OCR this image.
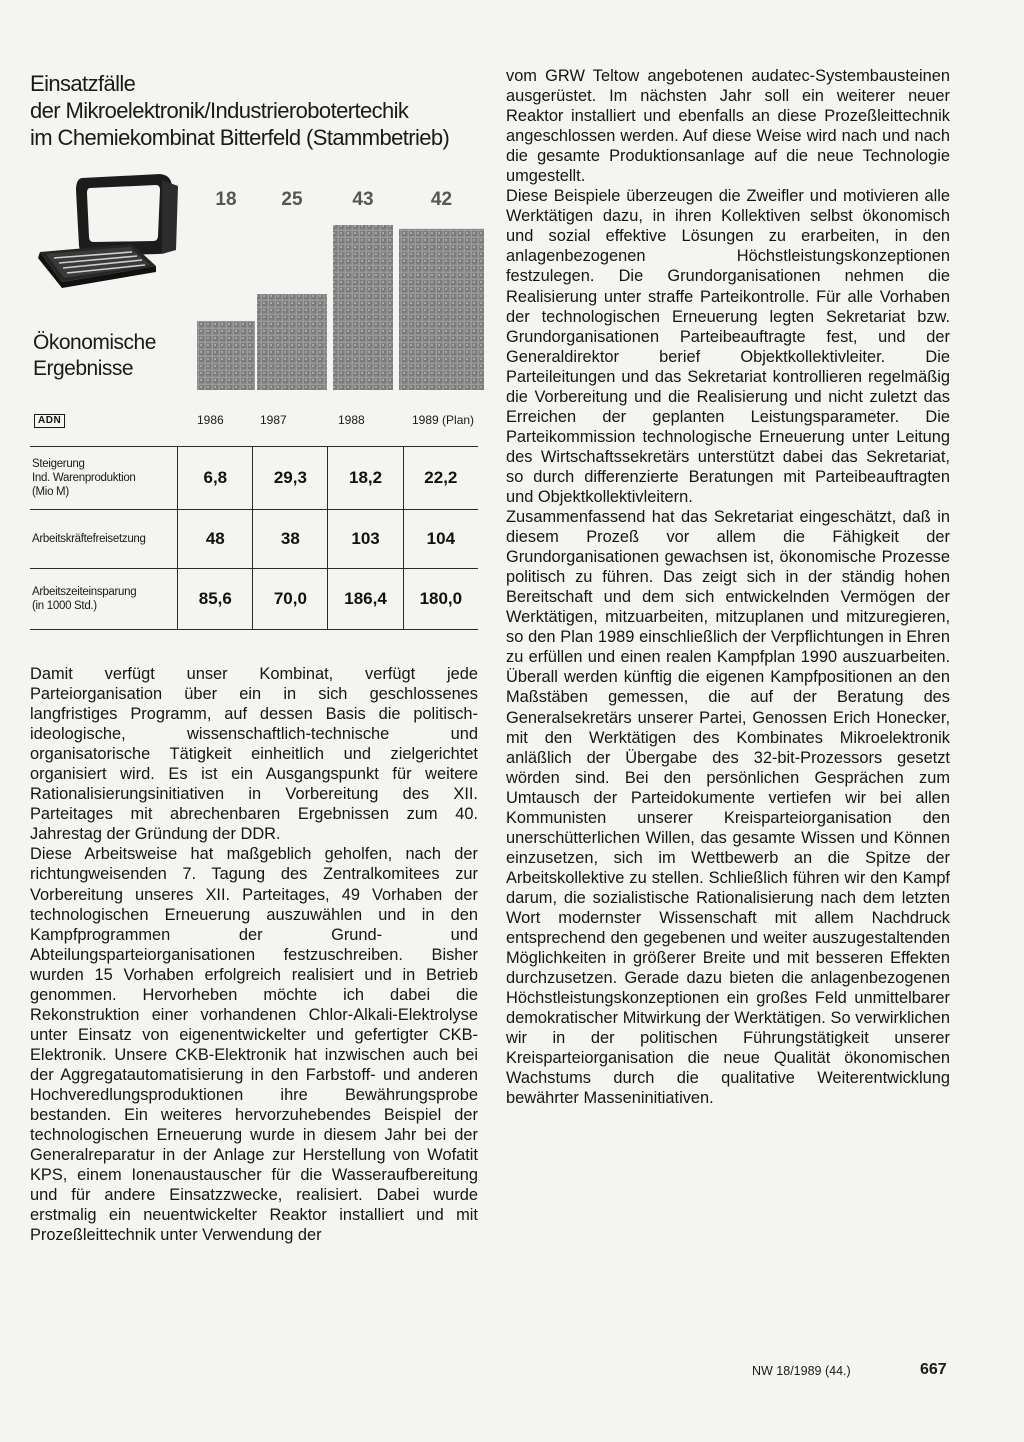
Einsatzfälle
der Mikroelektronik/Industrierobotertechik
im Chemiekombinat Bitterfeld (Stammbetrieb)
Ökonomische
Ergebnisse
18 25	43	42
ADN	1986	1987	1988	1989 (Plan)
Steigerung
Ind. Warenproduktion
(Mio M)	6,8	29,3	18,2	22,2

Arbeitskräftefreisetzung	48	38	103	104

Arbeitszeiteinsparung
(in 1000 Std.)	85,6	70,0	186,4	180,0

Damit verfügt unser Kombinat, verfügt jede Parteiorganisation über ein in sich geschlossenes langfristiges Programm, auf dessen Basis die politisch-ideologische, wissenschaftlich-technische und organisatorische Tätigkeit einheitlich und zielgerichtet organisiert wird. Es ist ein Ausgangspunkt für weitere Rationalisierungsinitiativen in Vorbereitung des XII. Parteitages mit abrechenbaren Ergebnissen zum 40. Jahrestag der Gründung der DDR.

Diese Arbeitsweise hat maßgeblich geholfen, nach der richtungweisenden 7. Tagung des Zentralkomitees zur Vorbereitung unseres XII. Parteitages, 49 Vorhaben der technologischen Erneuerung auszuwählen und in den Kampfprogrammen der Grund- und Abteilungsparteiorganisationen festzuschreiben. Bisher wurden 15 Vorhaben erfolgreich realisiert und in Betrieb genommen. Hervorheben möchte ich dabei die Rekonstruktion einer vorhandenen Chlor-Alkali-Elektrolyse unter Einsatz von eigenentwickelter und gefertigter CKB-Elektronik. Unsere CKB-Elektronik hat inzwischen auch bei der Aggregatautomatisierung in den Farbstoff- und anderen Hochveredlungsproduktionen ihre Bewährungsprobe bestanden. Ein weiteres hervorzuhebendes Beispiel der technologischen Erneuerung wurde in diesem Jahr bei der Generalreparatur in der Anlage zur Herstellung von Wofatit KPS, einem Ionenaustauscher für die Wasseraufbereitung und für andere Einsatzzwecke, realisiert. Dabei wurde erstmalig ein neuentwickelter Reaktor installiert und mit Prozeßleittechnik unter Verwendung der

vom GRW Teltow angebotenen audatec-Systembausteinen ausgerüstet. Im nächsten Jahr soll ein weiterer neuer Reaktor installiert und ebenfalls an diese Prozeßleittechnik angeschlossen werden. Auf diese Weise wird nach und nach die gesamte Produktionsanlage auf die neue Technologie umgestellt.

Diese Beispiele überzeugen die Zweifler und motivieren alle Werktätigen dazu, in ihren Kollektiven selbst ökonomisch und sozial effektive Lösungen zu erarbeiten, in den anlagenbezogenen Höchstleistungskonzeptionen festzulegen. Die Grundorganisationen nehmen die Realisierung unter straffe Parteikontrolle. Für alle Vorhaben der technologischen Erneuerung legten Sekretariat bzw. Grundorganisationen Parteibeauftragte fest, und der Generaldirektor berief Objektkollektivleiter. Die Parteileitungen und das Sekretariat kontrollieren regelmäßig die Vorbereitung und die Realisierung und nicht zuletzt das Erreichen der geplanten Leistungsparameter. Die Parteikommission technologische Erneuerung unter Leitung des Wirtschaftssekretärs unterstützt dabei das Sekretariat, so durch differenzierte Beratungen mit Parteibeauftragten und Objektkollektivleitern.

Zusammenfassend hat das Sekretariat eingeschätzt, daß in diesem Prozeß vor allem die Fähigkeit der Grundorganisationen gewachsen ist, ökonomische Prozesse politisch zu führen. Das zeigt sich in der ständig hohen Bereitschaft und dem sich entwickelnden Vermögen der Werktätigen, mitzuarbeiten, mitzuplanen und mitzuregieren, so den Plan 1989 einschließlich der Verpflichtungen in Ehren zu erfüllen und einen realen Kampfplan 1990 auszuarbeiten. Überall werden künftig die eigenen Kampfpositionen an den Maßstäben gemessen, die auf der Beratung des Generalsekretärs unserer Partei, Genossen Erich Honecker, mit den Werktätigen des Kombinates Mikroelektronik anläßlich der Übergabe des 32-bit-Prozessors gesetzt wörden sind. Bei den persönlichen Gesprächen zum Umtausch der Parteidokumente vertiefen wir bei allen Kommunisten unserer Kreisparteiorganisation den unerschütterlichen Willen, das gesamte Wissen und Können einzusetzen, sich im Wettbewerb an die Spitze der Arbeitskollektive zu stellen. Schließlich führen wir den Kampf darum, die sozialistische Rationalisierung nach dem letzten Wort modernster Wissenschaft mit allem Nachdruck entsprechend den gegebenen und weiter auszugestaltenden Möglichkeiten in größerer Breite und mit besseren Effekten durchzusetzen. Gerade dazu bieten die anlagenbezogenen Höchstleistungskonzeptionen ein großes Feld unmittelbarer demokratischer Mitwirkung der Werktätigen. So verwirklichen wir in der politischen Führungstätigkeit unserer Kreisparteiorganisation die neue Qualität ökonomischen Wachstums durch die qualitative Weiterentwicklung bewährter Masseninitiativen.

NW 18/1989 (44.)	667
